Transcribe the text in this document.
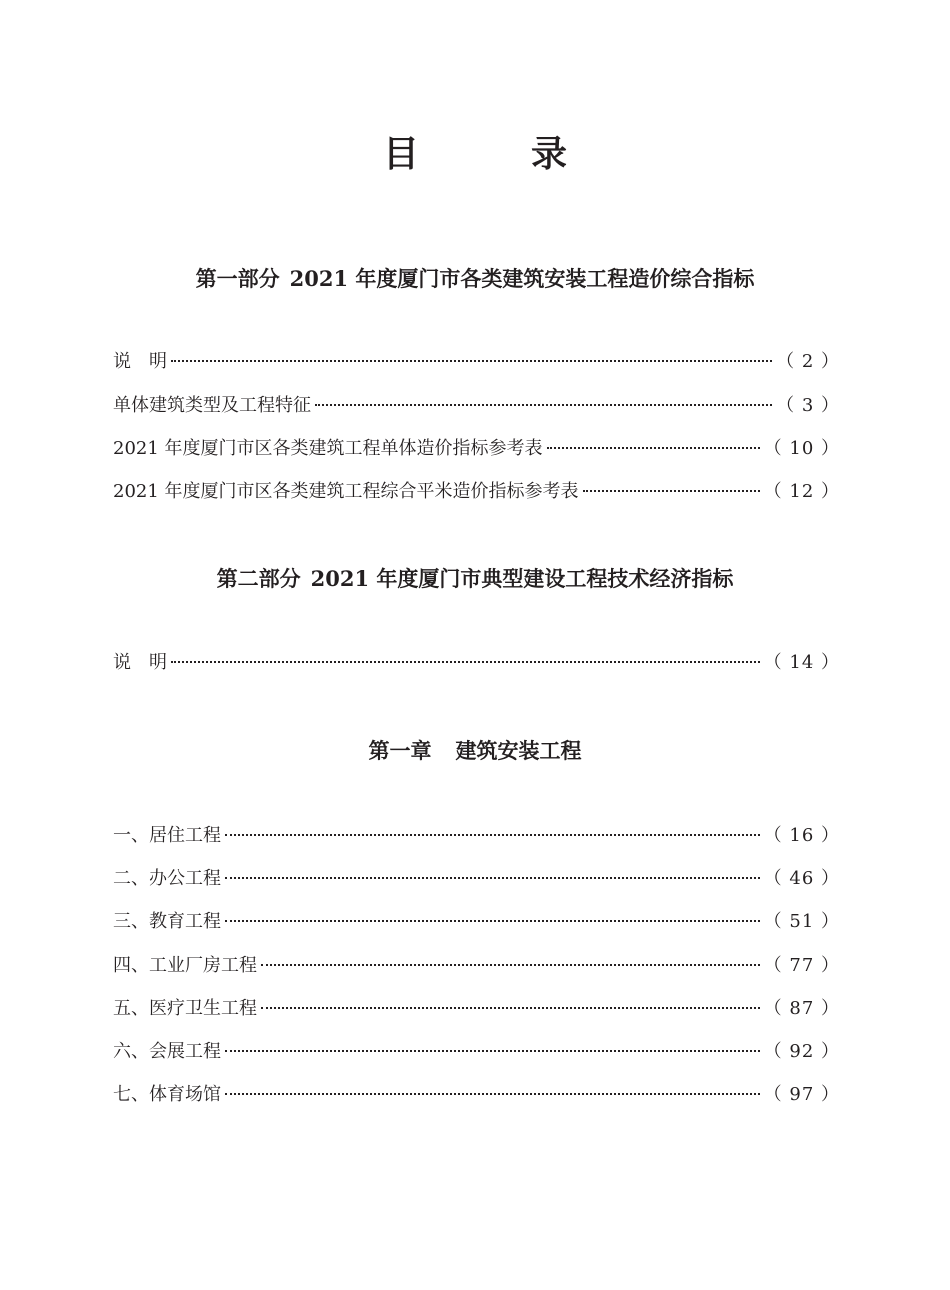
目　录
第一部分 2021 年度厦门市各类建筑安装工程造价综合指标
说　明	（ 2 ）
单体建筑类型及工程特征	（ 3 ）
2021 年度厦门市区各类建筑工程单体造价指标参考表	（ 10 ）
2021 年度厦门市区各类建筑工程综合平米造价指标参考表	（ 12 ）
第二部分 2021 年度厦门市典型建设工程技术经济指标
说　明	（ 14 ）
第一章 建筑安装工程
一、居住工程	（ 16 ）
二、办公工程	（ 46 ）
三、教育工程	（ 51 ）
四、工业厂房工程	（ 77 ）
五、医疗卫生工程	（ 87 ）
六、会展工程	（ 92 ）
七、体育场馆	（ 97 ）
